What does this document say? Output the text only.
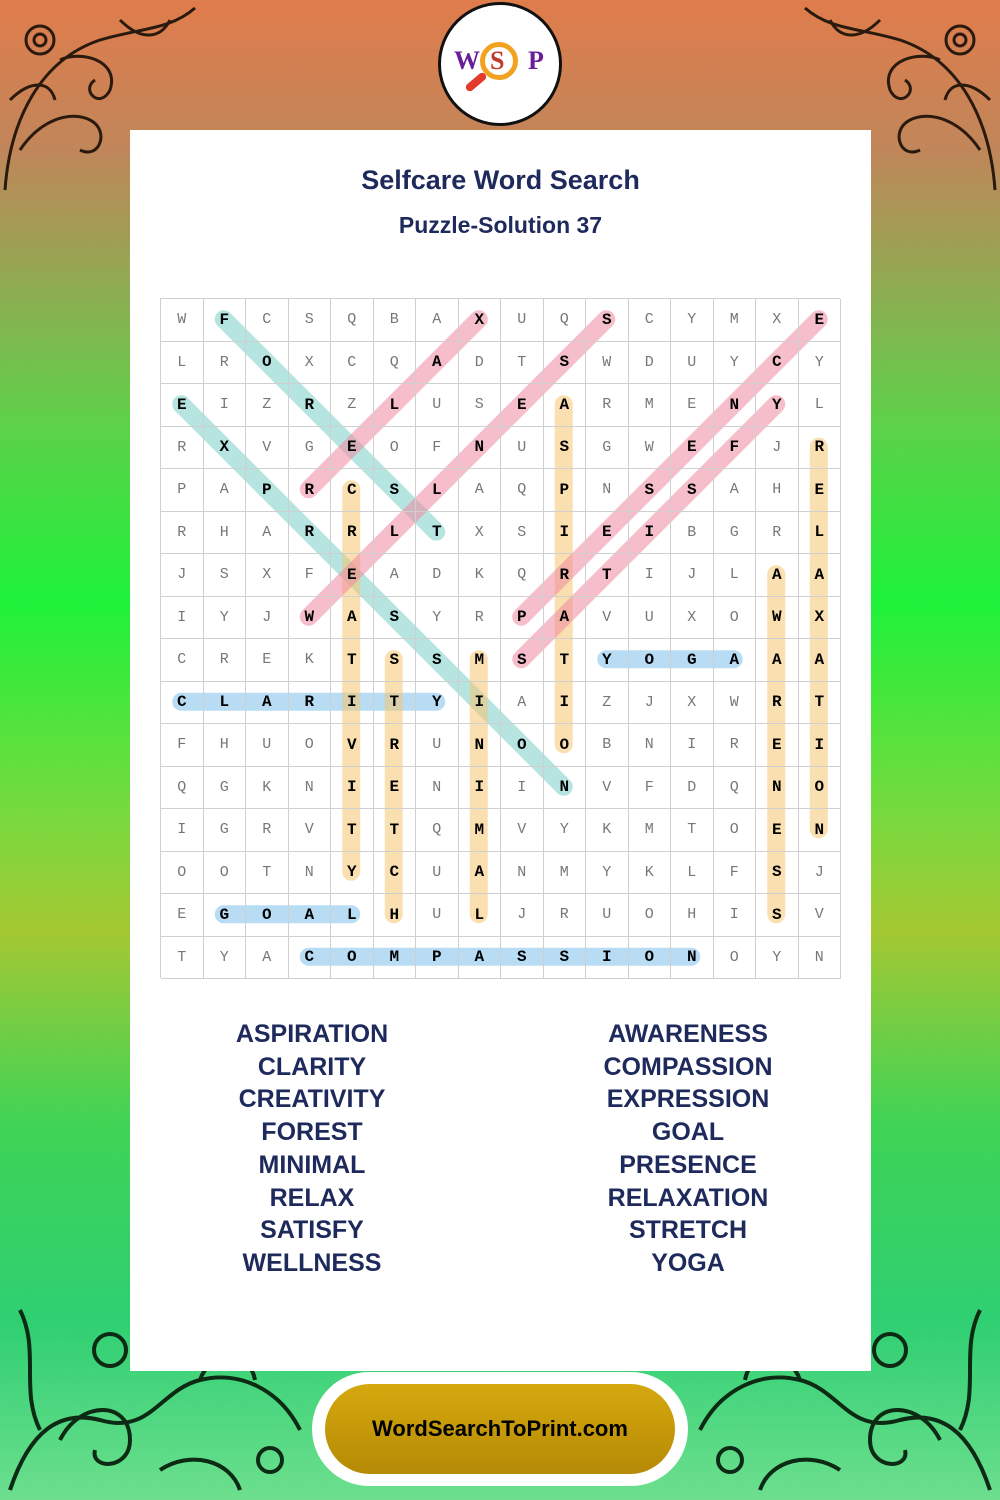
W S P
Selfcare Word Search
Puzzle-Solution 37
W	F	C	S	Q	B	A	X	U	Q	S	C	Y	M	X	E
L	R	O	X	C	Q	A	D	T	S	W	D	U	Y	C	Y
E	I	Z	R	Z	L	U	S	E	A	R	M	E	N	Y	L
R	X	V	G	E	O	F	N	U	S	G	W	E	F	J	R
P	A	P	R	C	S	L	A	Q	P	N	S	S	A	H	E
R	H	A	R	R	L	T	X	S	I	E	I	B	G	R	L
J	S	X	F	E	A	D	K	Q	R	T	I	J	L	A	A
I	Y	J	W	A	S	Y	R	P	A	V	U	X	O	W	X
C	R	E	K	T	S	S	M	S	T	Y	O	G	A	A	A
C	L	A	R	I	T	Y	I	A	I	Z	J	X	W	R	T
F	H	U	O	V	R	U	N	O	O	B	N	I	R	E	I
Q	G	K	N	I	E	N	I	I	N	V	F	D	Q	N	O
I	G	R	V	T	T	Q	M	V	Y	K	M	T	O	E	N
O	O	T	N	Y	C	U	A	N	M	Y	K	L	F	S	J
E	G	O	A	L	H	U	L	J	R	U	O	H	I	S	V
T	Y	A	C	O	M	P	A	S	S	I	O	N	O	Y	N
ASPIRATION
CLARITY
CREATIVITY
FOREST
MINIMAL
RELAX
SATISFY
WELLNESS
AWARENESS
COMPASSION
EXPRESSION
GOAL
PRESENCE
RELAXATION
STRETCH
YOGA
WordSearchToPrint.com
